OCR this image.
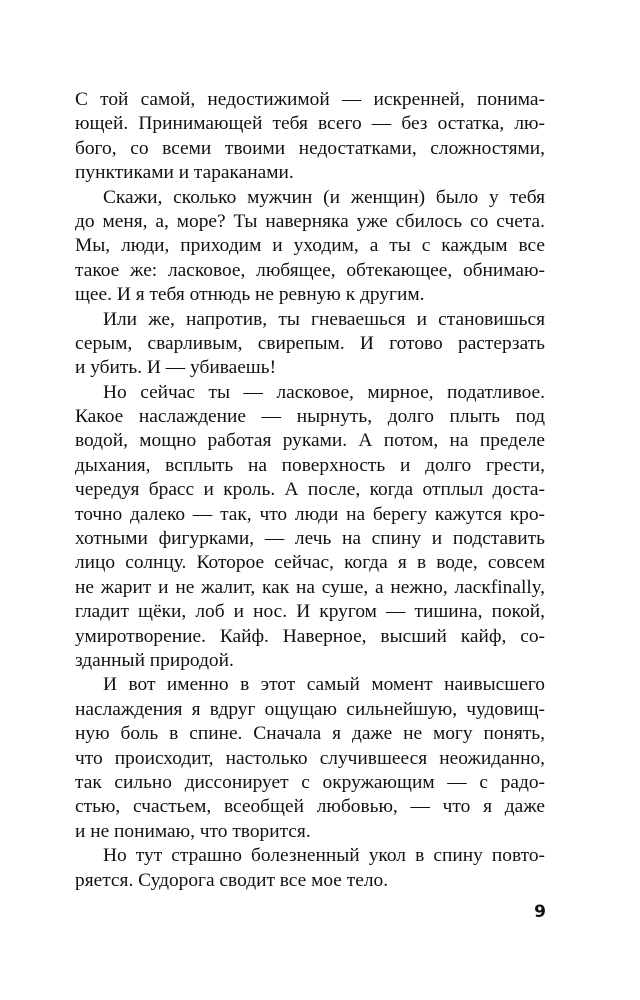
С той самой, недостижимой — искренней, понима-
ющей. Принимающей тебя всего — без остатка, лю-
бого, со всеми твоими недостатками, сложностями,
пунктиками и тараканами.

Скажи, сколько мужчин (и женщин) было у тебя
до меня, а, море? Ты наверняка уже сбилось со счета.
Мы, люди, приходим и уходим, а ты с каждым все
такое же: ласковое, любящее, обтекающее, обнимаю-
щее. И я тебя отнюдь не ревную к другим.

Или же, напротив, ты гневаешься и становишься
серым, сварливым, свирепым. И готово растерзать
и убить. И — убиваешь!

Но сейчас ты — ласковое, мирное, податливое.
Какое наслаждение — нырнуть, долго плыть под
водой, мощно работая руками. А потом, на пределе
дыхания, всплыть на поверхность и долго грести,
чередуя брасс и кроль. А после, когда отплыл доста-
точно далеко — так, что люди на берегу кажутся кро-
хотными фигурками, — лечь на спину и подставить
лицо солнцу. Которое сейчас, когда я в воде, совсем
не жарит и не жалит, как на суше, а нежно, ласкfinally,
гладит щёки, лоб и нос. И кругом — тишина, покой,
умиротворение. Кайф. Наверное, высший кайф, со-
зданный природой.

И вот именно в этот самый момент наивысшего
наслаждения я вдруг ощущаю сильнейшую, чудовищ-
ную боль в спине. Сначала я даже не могу понять,
что происходит, настолько случившееся неожиданно,
так сильно диссонирует с окружающим — с радо-
стью, счастьем, всеобщей любовью, — что я даже
и не понимаю, что творится.

Но тут страшно болезненный укол в спину повто-
ряется. Судорога сводит все мое тело.

9
